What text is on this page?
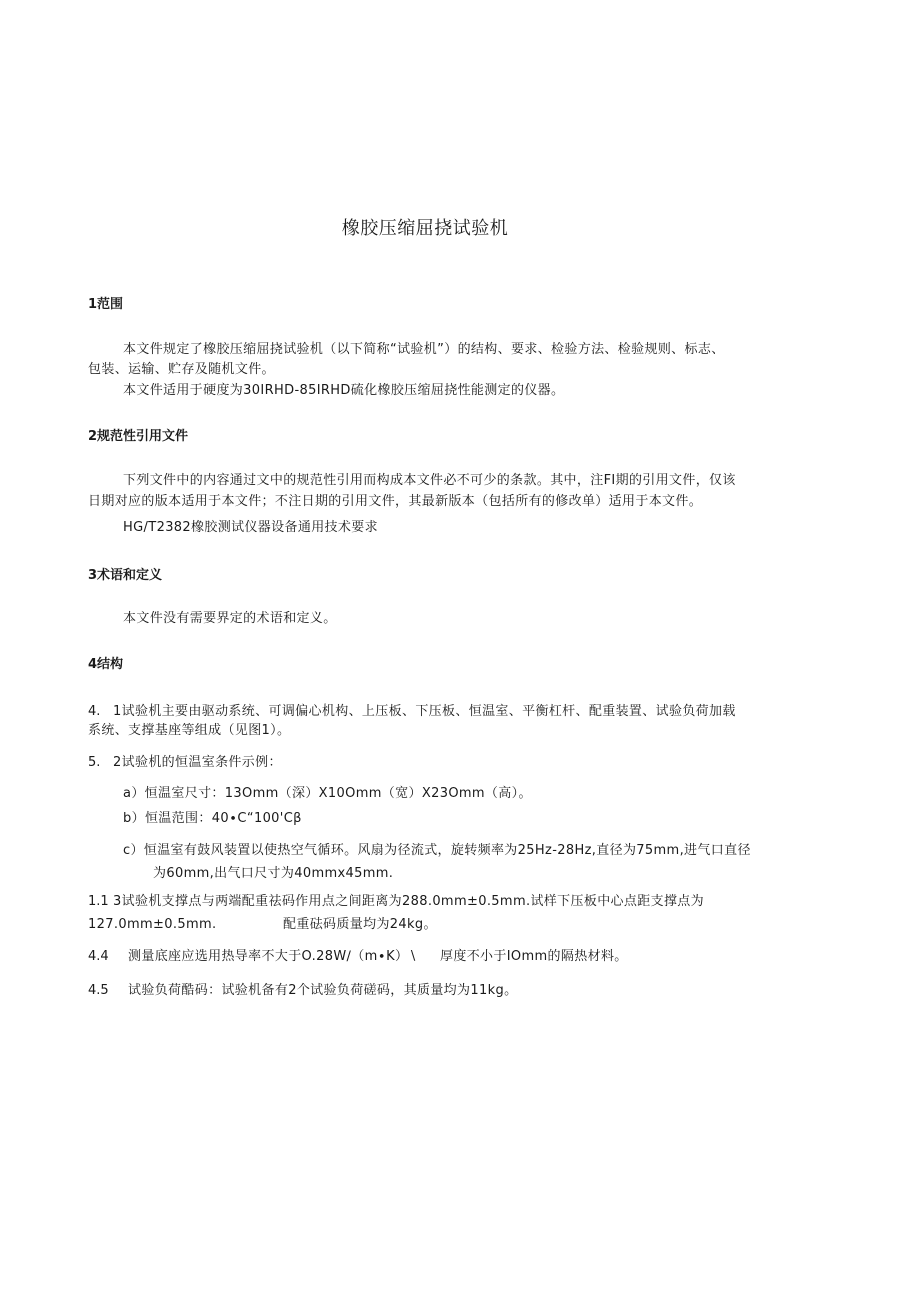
橡胶压缩屈挠试验机
1范围
本文件规定了橡胶压缩屈挠试验机（以下简称“试验机”）的结构、要求、检验方法、检验规则、标志、
包装、运输、贮存及随机文件。
本文件适用于硬度为30IRHD-85IRHD硫化橡胶压缩屈挠性能测定的仪器。
2规范性引用文件
下列文件中的内容通过文中的规范性引用而构成本文件必不可少的条款。其中，注FI期的引用文件，仅该
日期对应的版本适用于本文件；不注日期的引用文件，其最新版本（包括所有的修改单）适用于本文件。
HG/T2382橡胶测试仪器设备通用技术要求
3术语和定义
本文件没有需要界定的术语和定义。
4结构
4. 1试验机主要由驱动系统、可调偏心机构、上压板、下压板、恒温室、平衡杠杆、配重装置、试验负荷加载
系统、支撑基座等组成（见图1）。
5. 2试验机的恒温室条件示例：
a）恒温室尺寸：13Omm（深）X10Omm（宽）X23Omm（高）。
b）恒温范围：40∙C“100'Cβ
c）恒温室有鼓风装置以使热空气循环。风扇为径流式，旋转频率为25Hz-28Hz,直径为75mm,进气口直径
为60mm,出气口尺寸为40mmx45mm.
1.1 3试验机支撑点与两端配重祛码作用点之间距离为288.0mm±0.5mm.试样下压板中心点距支撑点为
127.0mm±0.5mm.	配重砝码质量均为24kg。
4.4 测量底座应选用热导率不大于O.28W∕（m∙K）∖ 厚度不小于IOmm的隔热材料。
4.5 试验负荷酷码：试验机备有2个试验负荷磋码，其质量均为11kg。
